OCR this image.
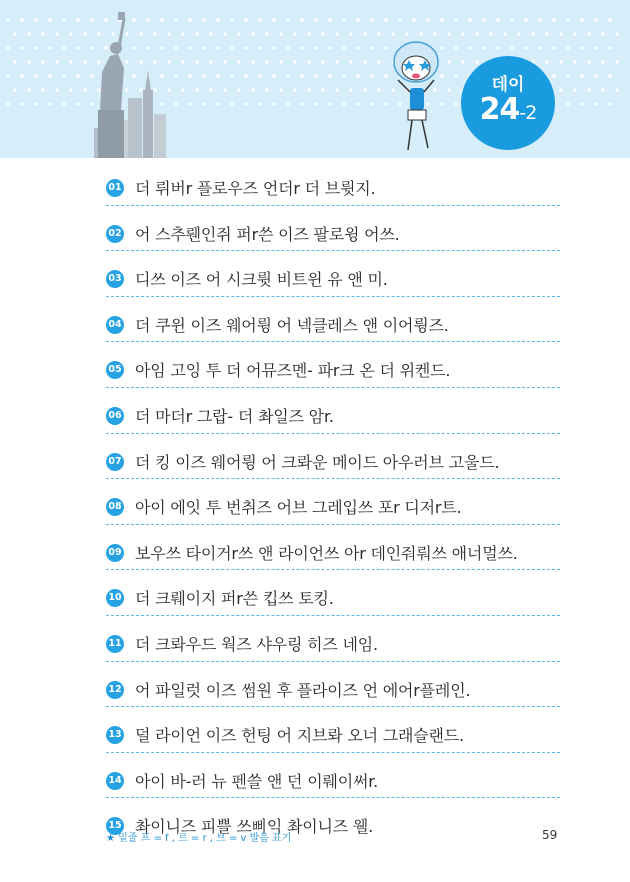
데이
24-2
01 더 뤼버r 플로우즈 언더r 더 브륏지.
02 어 스추뤤인쥐 퍼r쓴 이즈 팔로윙 어쓰.
03 디쓰 이즈 어 시크륏 비트윈 유 앤 미.
04 더 쿠윈 이즈 웨어륑 어 넥클레스 앤 이어륑즈.
05 아임 고잉 투 더 어뮤즈멘- 파r크 온 더 위켄드.
06 더 마더r 그랍- 더 촤일즈 암r.
07 더 킹 이즈 웨어륑 어 크롸운 메이드 아우러브 고울드.
08 아이 에잇 투 번취즈 어브 그레입쓰 포r 디저r트.
09 보우쓰 타이거r쓰 앤 라이언쓰 아r 데인줘뤄쓰 애너멀쓰.
10 더 크뤠이지 퍼r쓴 킵쓰 토킹.
11 더 크롸우드 웍즈 샤우링 히즈 네임.
12 어 파일럿 이즈 썸원 후 플라이즈 언 에어r플레인.
13 덜 라이언 이즈 헌팅 어 지브롸 오너 그래슬랜드.
14 아이 바-러 뉴 펜쓸 앤 던 이뤠이써r.
15 촤이니즈 피쁠 쓰삐익 촤이니즈 웰.
★ 밑줄 프 = f , 르 = r , 브 = v 발음 표기	59
